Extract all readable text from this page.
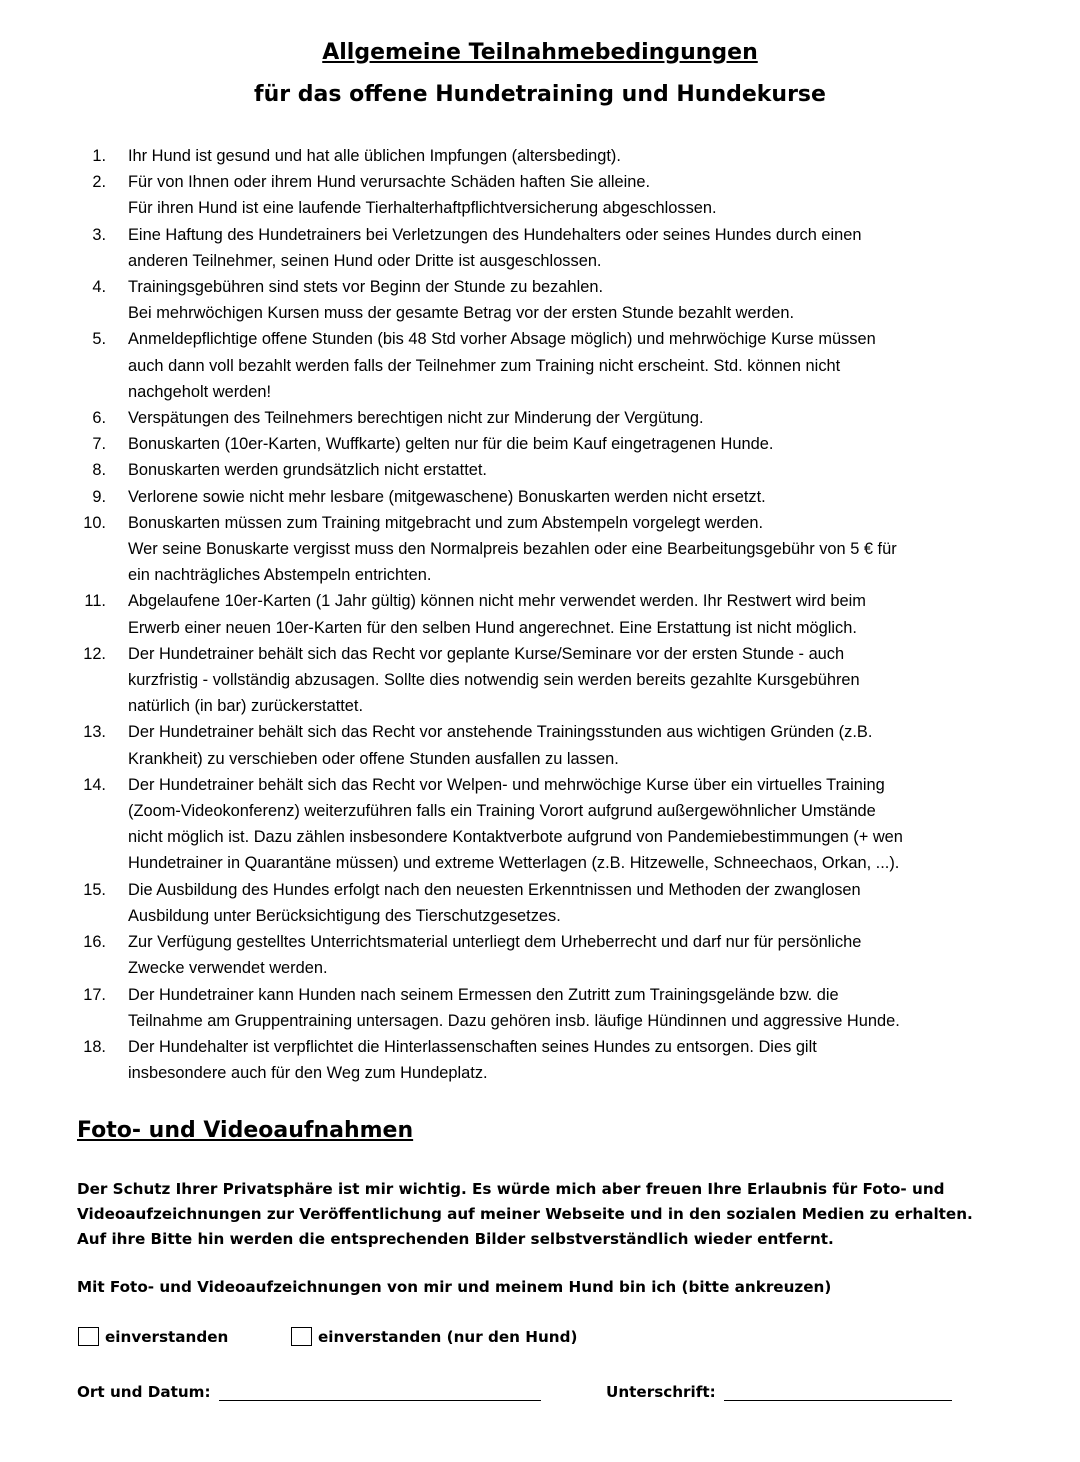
Allgemeine Teilnahmebedingungen
für das offene Hundetraining und Hundekurse
1. Ihr Hund ist gesund und hat alle üblichen Impfungen (altersbedingt).
2. Für von Ihnen oder ihrem Hund verursachte Schäden haften Sie alleine.
Für ihren Hund ist eine laufende Tierhalterhaftpflichtversicherung abgeschlossen.
3. Eine Haftung des Hundetrainers bei Verletzungen des Hundehalters oder seines Hundes durch einen
anderen Teilnehmer, seinen Hund oder Dritte ist ausgeschlossen.
4. Trainingsgebühren sind stets vor Beginn der Stunde zu bezahlen.
Bei mehrwöchigen Kursen muss der gesamte Betrag vor der ersten Stunde bezahlt werden.
5. Anmeldepflichtige offene Stunden (bis 48 Std vorher Absage möglich) und mehrwöchige Kurse müssen
auch dann voll bezahlt werden falls der Teilnehmer zum Training nicht erscheint. Std. können nicht
nachgeholt werden!
6. Verspätungen des Teilnehmers berechtigen nicht zur Minderung der Vergütung.
7. Bonuskarten (10er-Karten, Wuffkarte) gelten nur für die beim Kauf eingetragenen Hunde.
8. Bonuskarten werden grundsätzlich nicht erstattet.
9. Verlorene sowie nicht mehr lesbare (mitgewaschene) Bonuskarten werden nicht ersetzt.
10. Bonuskarten müssen zum Training mitgebracht und zum Abstempeln vorgelegt werden.
Wer seine Bonuskarte vergisst muss den Normalpreis bezahlen oder eine Bearbeitungsgebühr von 5 € für
ein nachträgliches Abstempeln entrichten.
11. Abgelaufene 10er-Karten (1 Jahr gültig) können nicht mehr verwendet werden. Ihr Restwert wird beim
Erwerb einer neuen 10er-Karten für den selben Hund angerechnet. Eine Erstattung ist nicht möglich.
12. Der Hundetrainer behält sich das Recht vor geplante Kurse/Seminare vor der ersten Stunde - auch
kurzfristig - vollständig abzusagen. Sollte dies notwendig sein werden bereits gezahlte Kursgebühren
natürlich (in bar) zurückerstattet.
13. Der Hundetrainer behält sich das Recht vor anstehende Trainingsstunden aus wichtigen Gründen (z.B.
Krankheit) zu verschieben oder offene Stunden ausfallen zu lassen.
14. Der Hundetrainer behält sich das Recht vor Welpen- und mehrwöchige Kurse über ein virtuelles Training
(Zoom-Videokonferenz) weiterzuführen falls ein Training Vorort aufgrund außergewöhnlicher Umstände
nicht möglich ist. Dazu zählen insbesondere Kontaktverbote aufgrund von Pandemiebestimmungen (+ wen
Hundetrainer in Quarantäne müssen) und extreme Wetterlagen (z.B. Hitzewelle, Schneechaos, Orkan, ...).
15. Die Ausbildung des Hundes erfolgt nach den neuesten Erkenntnissen und Methoden der zwanglosen
Ausbildung unter Berücksichtigung des Tierschutzgesetzes.
16. Zur Verfügung gestelltes Unterrichtsmaterial unterliegt dem Urheberrecht und darf nur für persönliche
Zwecke verwendet werden.
17. Der Hundetrainer kann Hunden nach seinem Ermessen den Zutritt zum Trainingsgelände bzw. die
Teilnahme am Gruppentraining untersagen. Dazu gehören insb. läufige Hündinnen und aggressive Hunde.
18. Der Hundehalter ist verpflichtet die Hinterlassenschaften seines Hundes zu entsorgen. Dies gilt
insbesondere auch für den Weg zum Hundeplatz.
Foto- und Videoaufnahmen
Der Schutz Ihrer Privatsphäre ist mir wichtig. Es würde mich aber freuen Ihre Erlaubnis für Foto- und
Videoaufzeichnungen zur Veröffentlichung auf meiner Webseite und in den sozialen Medien zu erhalten.
Auf ihre Bitte hin werden die entsprechenden Bilder selbstverständlich wieder entfernt.
Mit Foto- und Videoaufzeichnungen von mir und meinem Hund bin ich (bitte ankreuzen)
einverstanden	einverstanden (nur den Hund)
Ort und Datum:	Unterschrift:
